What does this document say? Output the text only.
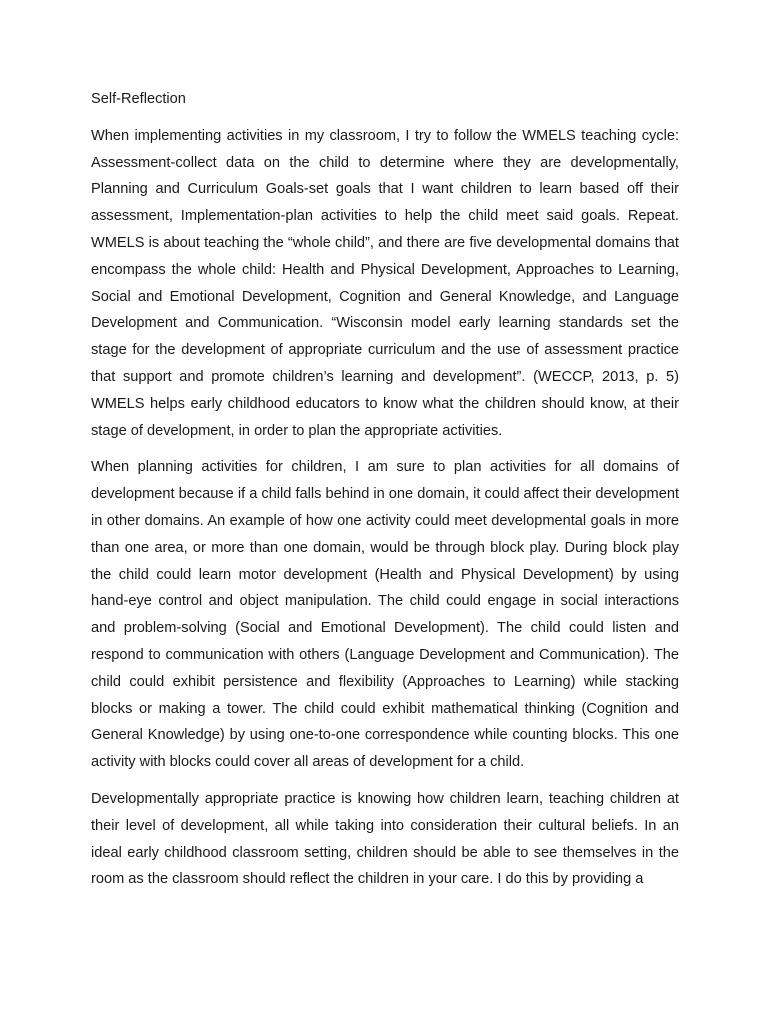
Self-Reflection

When implementing activities in my classroom, I try to follow the WMELS teaching cycle: Assessment-collect data on the child to determine where they are developmentally, Planning and Curriculum Goals-set goals that I want children to learn based off their assessment, Implementation-plan activities to help the child meet said goals. Repeat. WMELS is about teaching the “whole child”, and there are five developmental domains that encompass the whole child: Health and Physical Development, Approaches to Learning, Social and Emotional Development, Cognition and General Knowledge, and Language Development and Communication. “Wisconsin model early learning standards set the stage for the development of appropriate curriculum and the use of assessment practice that support and promote children’s learning and development”. (WECCP, 2013, p. 5) WMELS helps early childhood educators to know what the children should know, at their stage of development, in order to plan the appropriate activities.

When planning activities for children, I am sure to plan activities for all domains of development because if a child falls behind in one domain, it could affect their development in other domains. An example of how one activity could meet developmental goals in more than one area, or more than one domain, would be through block play. During block play the child could learn motor development (Health and Physical Development) by using hand-eye control and object manipulation. The child could engage in social interactions and problem-solving (Social and Emotional Development). The child could listen and respond to communication with others (Language Development and Communication). The child could exhibit persistence and flexibility (Approaches to Learning) while stacking blocks or making a tower. The child could exhibit mathematical thinking (Cognition and General Knowledge) by using one-to-one correspondence while counting blocks. This one activity with blocks could cover all areas of development for a child.

Developmentally appropriate practice is knowing how children learn, teaching children at their level of development, all while taking into consideration their cultural beliefs. In an ideal early childhood classroom setting, children should be able to see themselves in the room as the classroom should reflect the children in your care. I do this by providing a
